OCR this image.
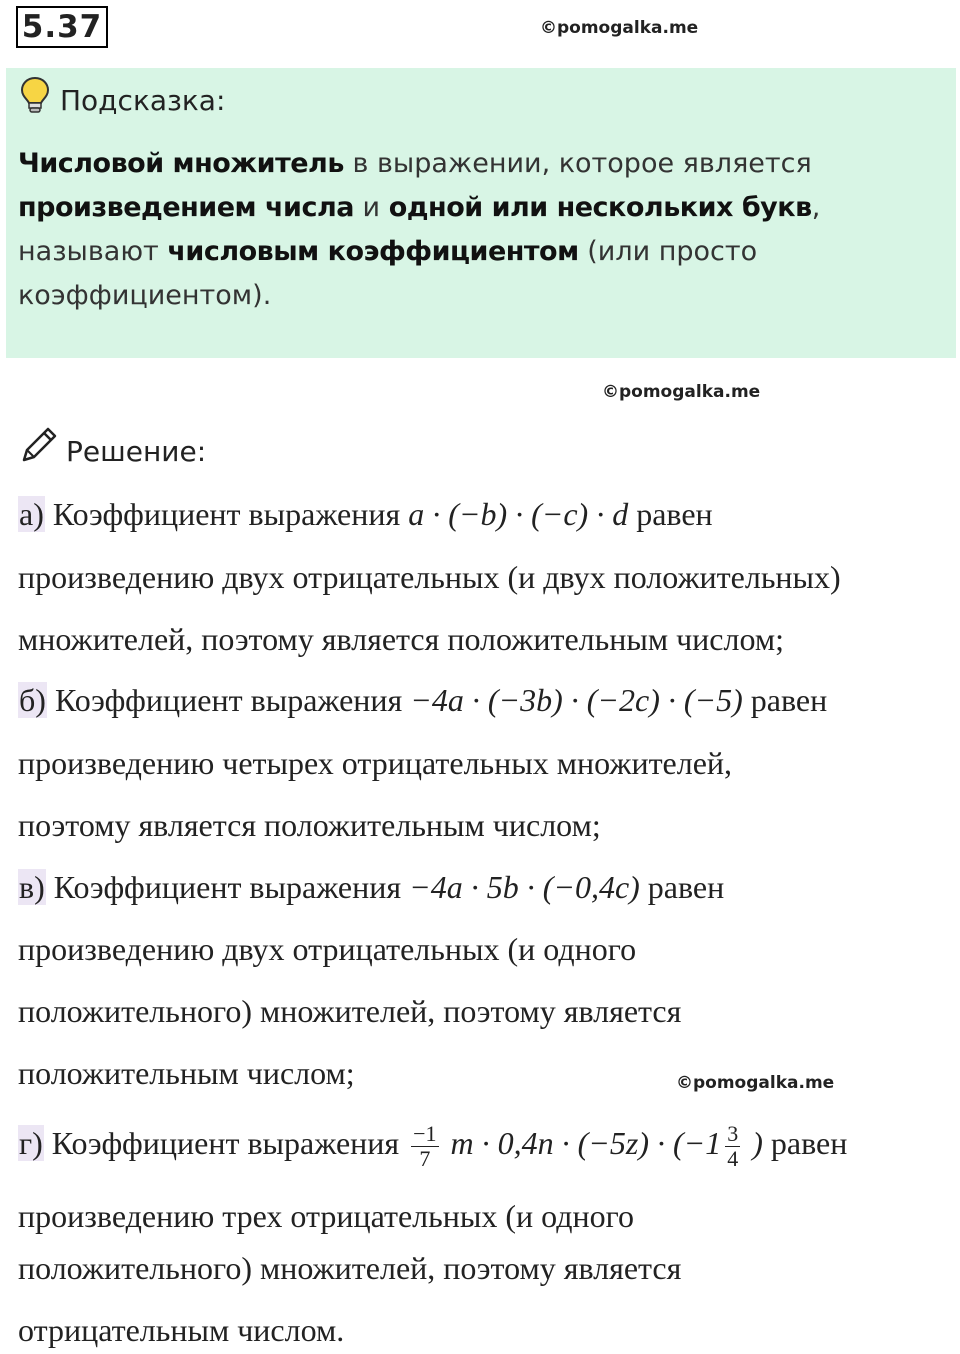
5.37	©pomogalka.me
Подсказка:
Числовой множитель в выражении, которое является
произведением числа и одной или нескольких букв,
называют числовым коэффициентом (или просто
коэффициентом).
©pomogalka.me
Решение:
а) Коэффициент выражения a · (−b) · (−c) · d равен
произведению двух отрицательных (и двух положительных)
множителей, поэтому является положительным числом;
б) Коэффициент выражения −4a · (−3b) · (−2c) · (−5) равен
произведению четырех отрицательных множителей,
поэтому является положительным числом;
в) Коэффициент выражения −4a · 5b · (−0,4c) равен
произведению двух отрицательных (и одного
положительного) множителей, поэтому является
положительным числом;	©pomogalka.me
г) Коэффициент выражения $\frac{-1}{7}$ $m \cdot 0,4n \cdot (-5z) \cdot (-1 \frac{3}{4}$ ) равен
произведению трех отрицательных (и одного
положительного) множителей, поэтому является
отрицательным числом.
